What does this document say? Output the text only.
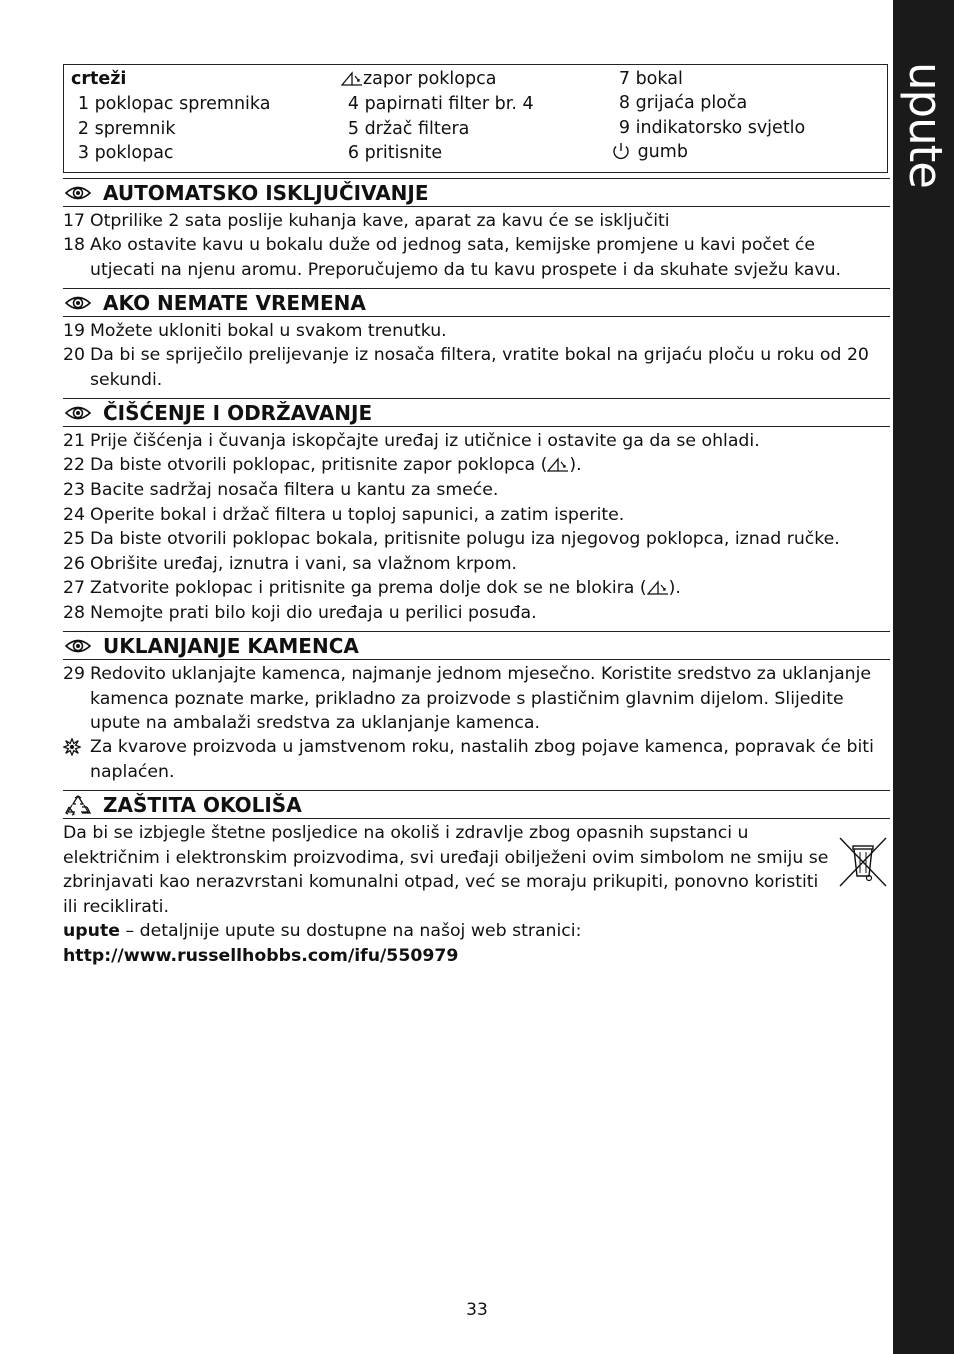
upute
crteži
1 poklopac spremnika
2 spremnik
3 poklopac
zapor poklopca
4 papirnati filter br. 4
5 držač filtera
6 pritisnite
7 bokal
8 grijaća ploča
9 indikatorsko svjetlo
gumb
AUTOMATSKO ISKLJUČIVANJE
17 Otprilike 2 sata poslije kuhanja kave, aparat za kavu će se isključiti
18 Ako ostavite kavu u bokalu duže od jednog sata, kemijske promjene u kavi počet će utjecati na njenu aromu. Preporučujemo da tu kavu prospete i da skuhate svježu kavu.
AKO NEMATE VREMENA
19 Možete ukloniti bokal u svakom trenutku.
20 Da bi se spriječilo prelijevanje iz nosača filtera, vratite bokal na grijaću ploču u roku od 20 sekundi.
ČIŠĆENJE I ODRŽAVANJE
21 Prije čišćenja i čuvanja iskopčajte uređaj iz utičnice i ostavite ga da se ohladi.
22 Da biste otvorili poklopac, pritisnite zapor poklopca ( ).
23 Bacite sadržaj nosača filtera u kantu za smeće.
24 Operite bokal i držač filtera u toploj sapunici, a zatim isperite.
25 Da biste otvorili poklopac bokala, pritisnite polugu iza njegovog poklopca, iznad ručke.
26 Obrišite uređaj, iznutra i vani, sa vlažnom krpom.
27 Zatvorite poklopac i pritisnite ga prema dolje dok se ne blokira ( ).
28 Nemojte prati bilo koji dio uređaja u perilici posuđa.
UKLANJANJE KAMENCA
29 Redovito uklanjajte kamenca, najmanje jednom mjesečno. Koristite sredstvo za uklanjanje kamenca poznate marke, prikladno za proizvode s plastičnim glavnim dijelom. Slijedite upute na ambalaži sredstva za uklanjanje kamenca.
Za kvarove proizvoda u jamstvenom roku, nastalih zbog pojave kamenca, popravak će biti naplaćen.
ZAŠTITA OKOLIŠA
Da bi se izbjegle štetne posljedice na okoliš i zdravlje zbog opasnih supstanci u električnim i elektronskim proizvodima, svi uređaji obilježeni ovim simbolom ne smiju se zbrinjavati kao nerazvrstani komunalni otpad, već se moraju prikupiti, ponovno koristiti ili reciklirati.
upute – detaljnije upute su dostupne na našoj web stranici:
http://www.russellhobbs.com/ifu/550979
33
